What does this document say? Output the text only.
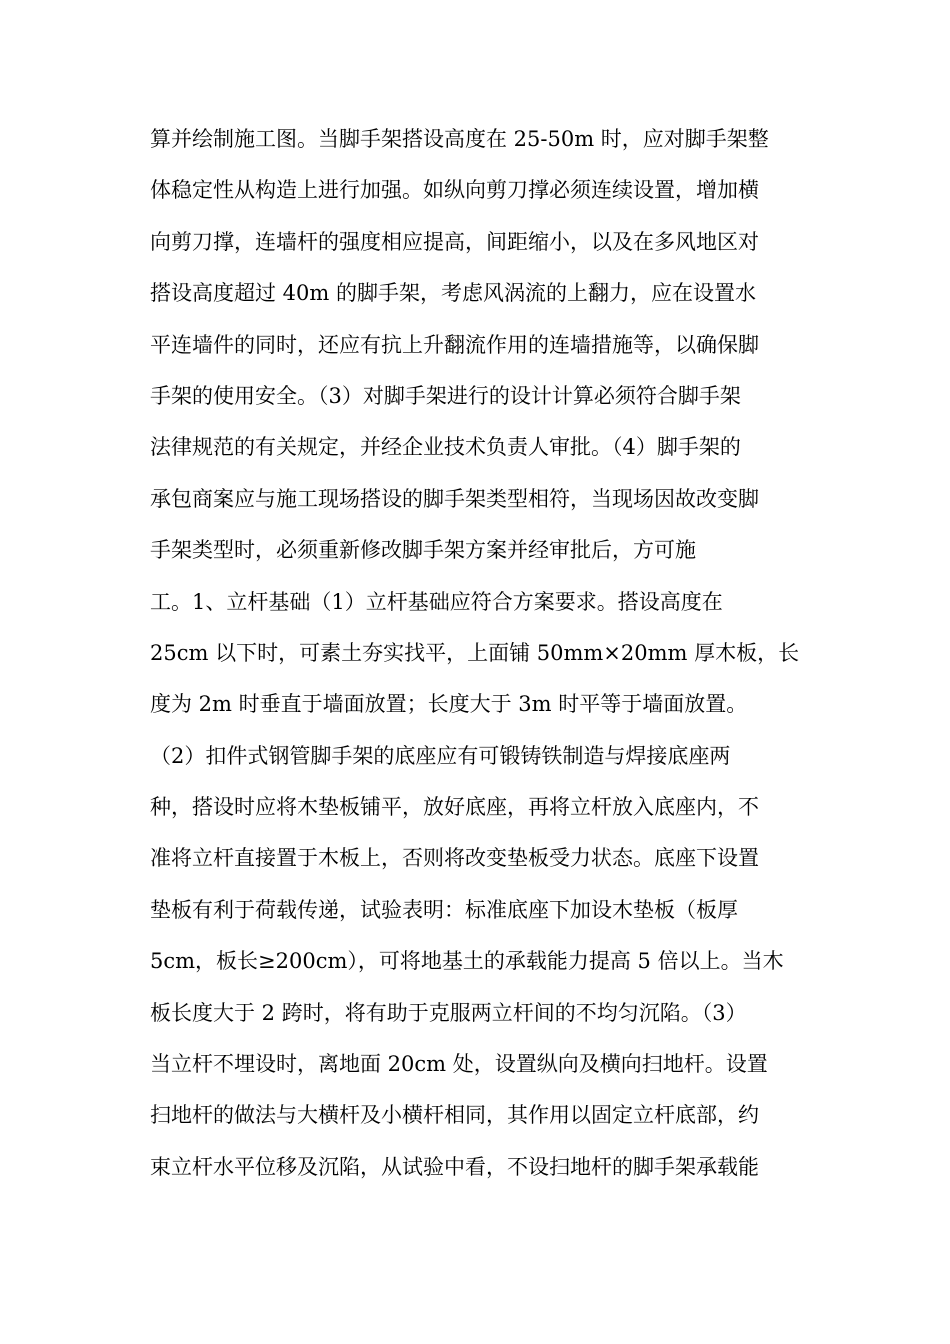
算并绘制施工图。当脚手架搭设高度在 25-50m 时，应对脚手架整
体稳定性从构造上进行加强。如纵向剪刀撑必须连续设置，增加横
向剪刀撑，连墙杆的强度相应提高，间距缩小，以及在多风地区对
搭设高度超过 40m 的脚手架，考虑风涡流的上翻力，应在设置水
平连墙件的同时，还应有抗上升翻流作用的连墙措施等，以确保脚
手架的使用安全。（3）对脚手架进行的设计计算必须符合脚手架
法律规范的有关规定，并经企业技术负责人审批。（4）脚手架的
承包商案应与施工现场搭设的脚手架类型相符，当现场因故改变脚
手架类型时，必须重新修改脚手架方案并经审批后，方可施
工。1、立杆基础（1）立杆基础应符合方案要求。搭设高度在
25cm 以下时，可素土夯实找平，上面铺 50mm×20mm 厚木板，长
度为 2m 时垂直于墙面放置；长度大于 3m 时平等于墙面放置。
（2）扣件式钢管脚手架的底座应有可锻铸铁制造与焊接底座两
种，搭设时应将木垫板铺平，放好底座，再将立杆放入底座内，不
准将立杆直接置于木板上，否则将改变垫板受力状态。底座下设置
垫板有利于荷载传递，试验表明：标准底座下加设木垫板（板厚
5cm，板长≥200cm），可将地基土的承载能力提高 5 倍以上。当木
板长度大于 2 跨时，将有助于克服两立杆间的不均匀沉陷。（3）
当立杆不埋设时，离地面 20cm 处，设置纵向及横向扫地杆。设置
扫地杆的做法与大横杆及小横杆相同，其作用以固定立杆底部，约
束立杆水平位移及沉陷，从试验中看，不设扫地杆的脚手架承载能
